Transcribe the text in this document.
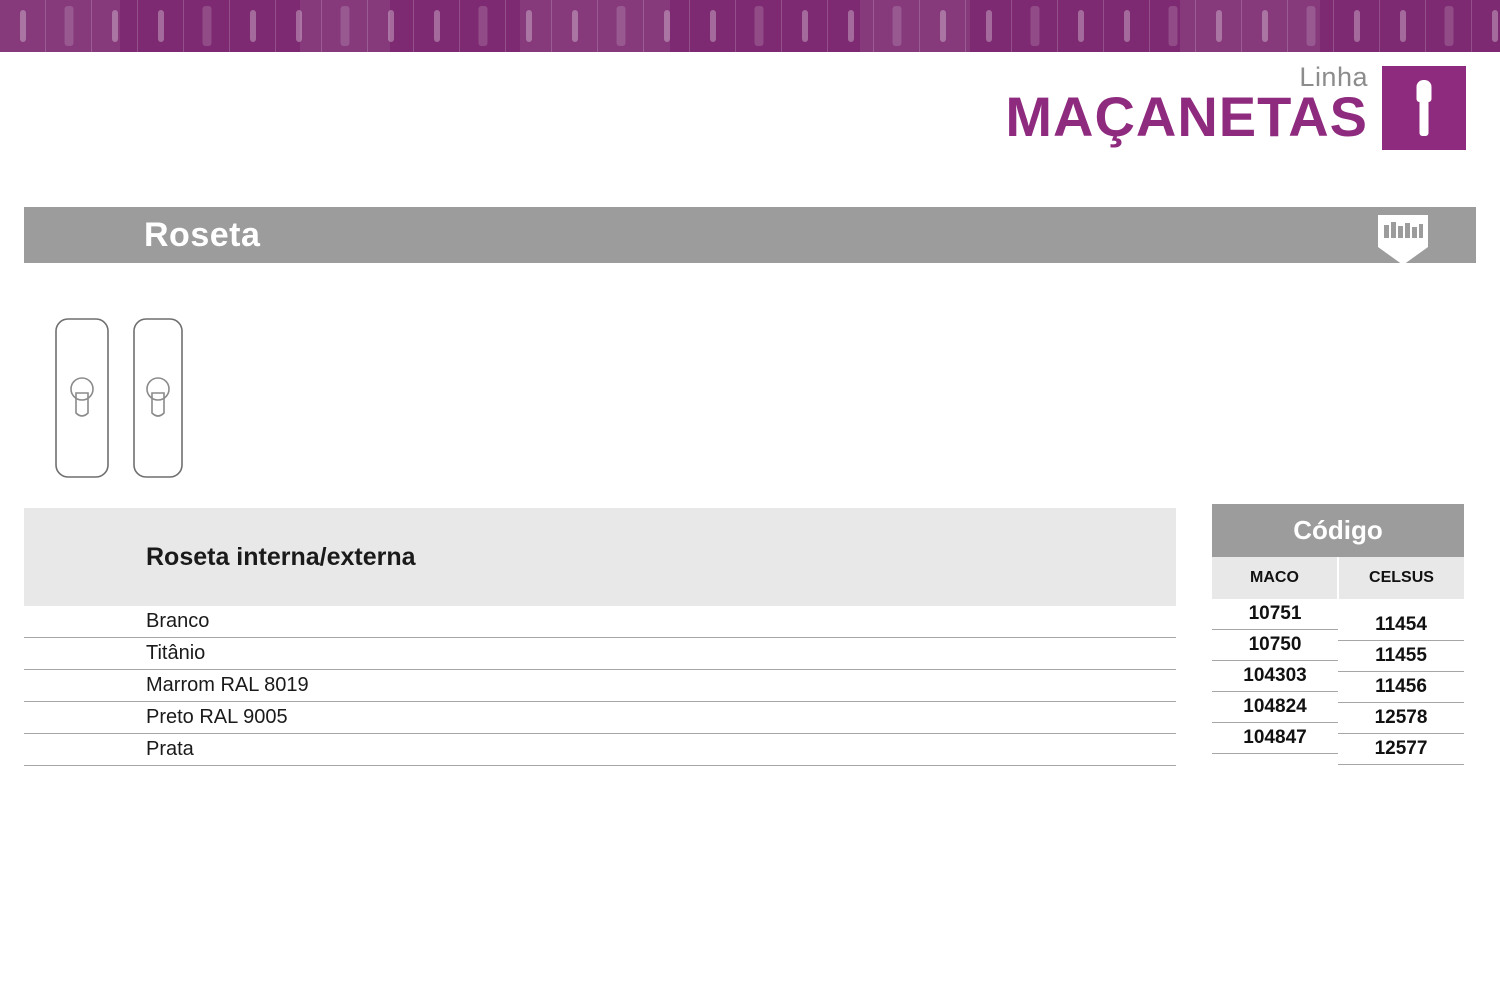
Linha
MAÇANETAS
Roseta
Roseta interna/externa
Branco
Titânio
Marrom RAL 8019
Preto RAL 9005
Prata
Código
MACO	CELSUS
10751
11454
10750
11455
104303
11456
104824
12578
104847
12577
